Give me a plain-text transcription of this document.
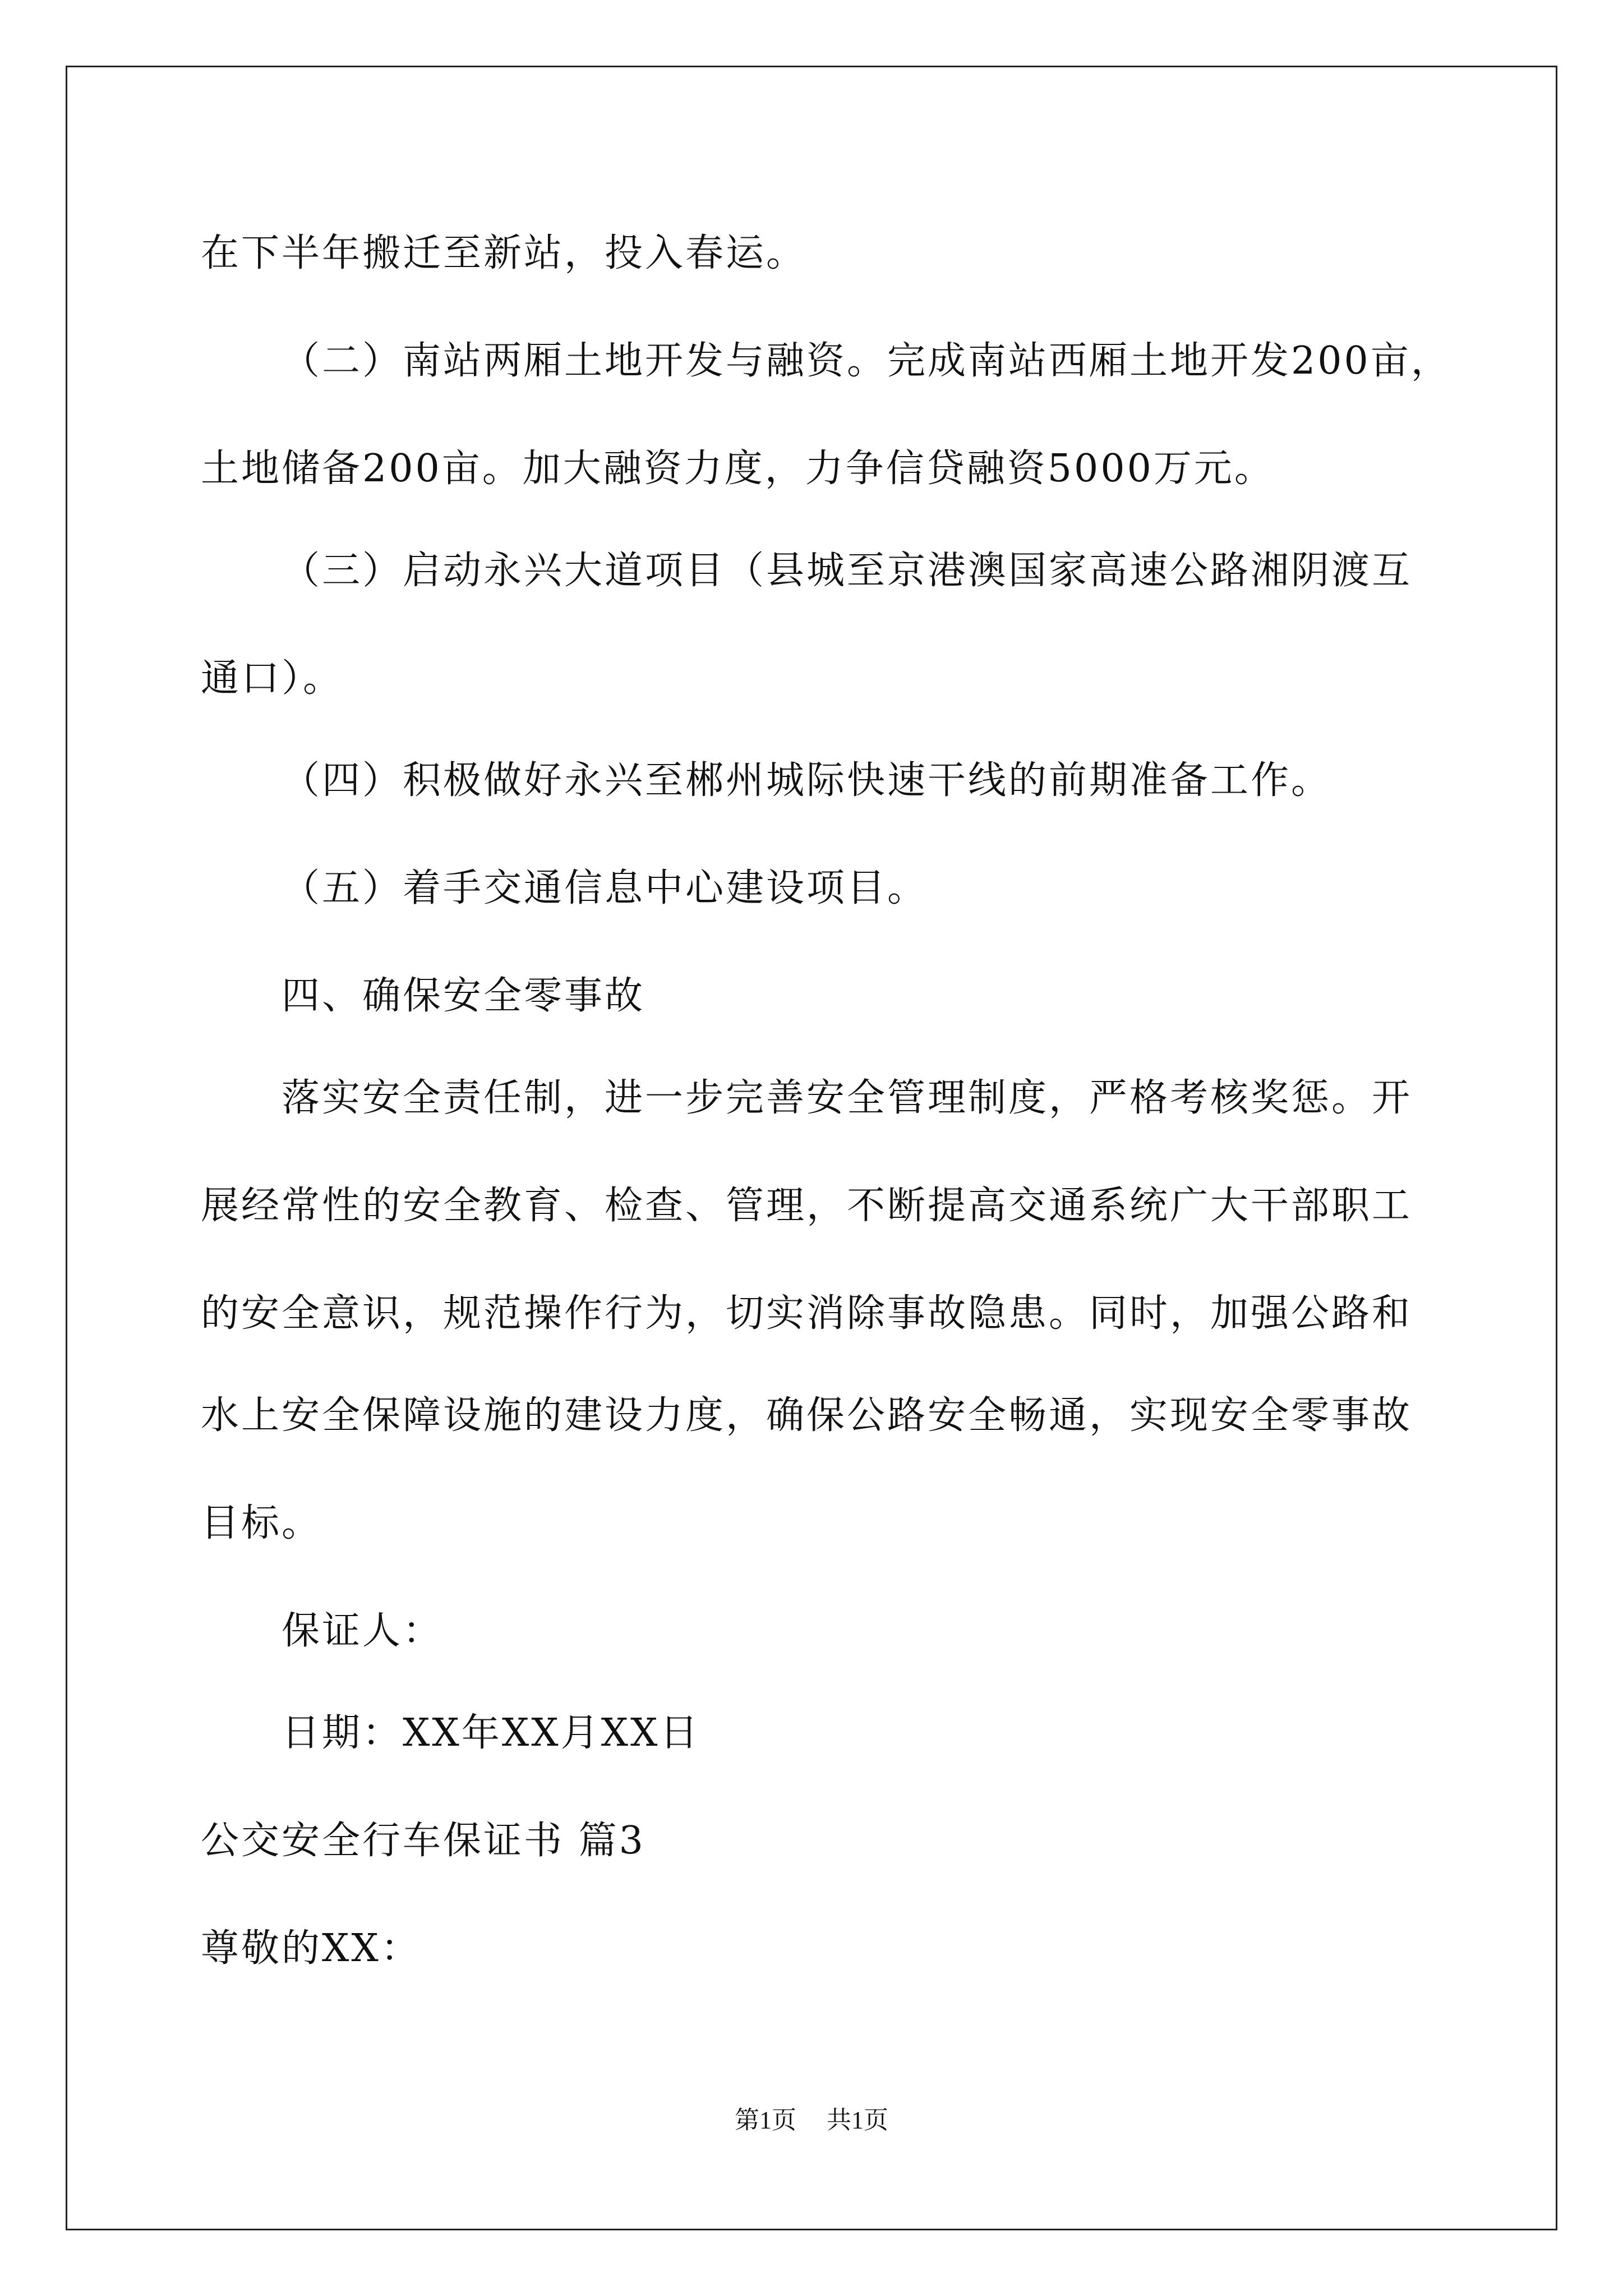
在下半年搬迁至新站，投入春运。
（二）南站两厢土地开发与融资。完成南站西厢土地开发200亩，
土地储备200亩。加大融资力度，力争信贷融资5000万元。
（三）启动永兴大道项目（县城至京港澳国家高速公路湘阴渡互
通口）。
（四）积极做好永兴至郴州城际快速干线的前期准备工作。
（五）着手交通信息中心建设项目。
四、确保安全零事故
落实安全责任制，进一步完善安全管理制度，严格考核奖惩。开
展经常性的安全教育、检查、管理，不断提高交通系统广大干部职工
的安全意识，规范操作行为，切实消除事故隐患。同时，加强公路和
水上安全保障设施的建设力度，确保公路安全畅通，实现安全零事故
目标。
保证人：
日期：XX年XX月XX日
公交安全行车保证书 篇3
尊敬的XX：
第1页 共1页
